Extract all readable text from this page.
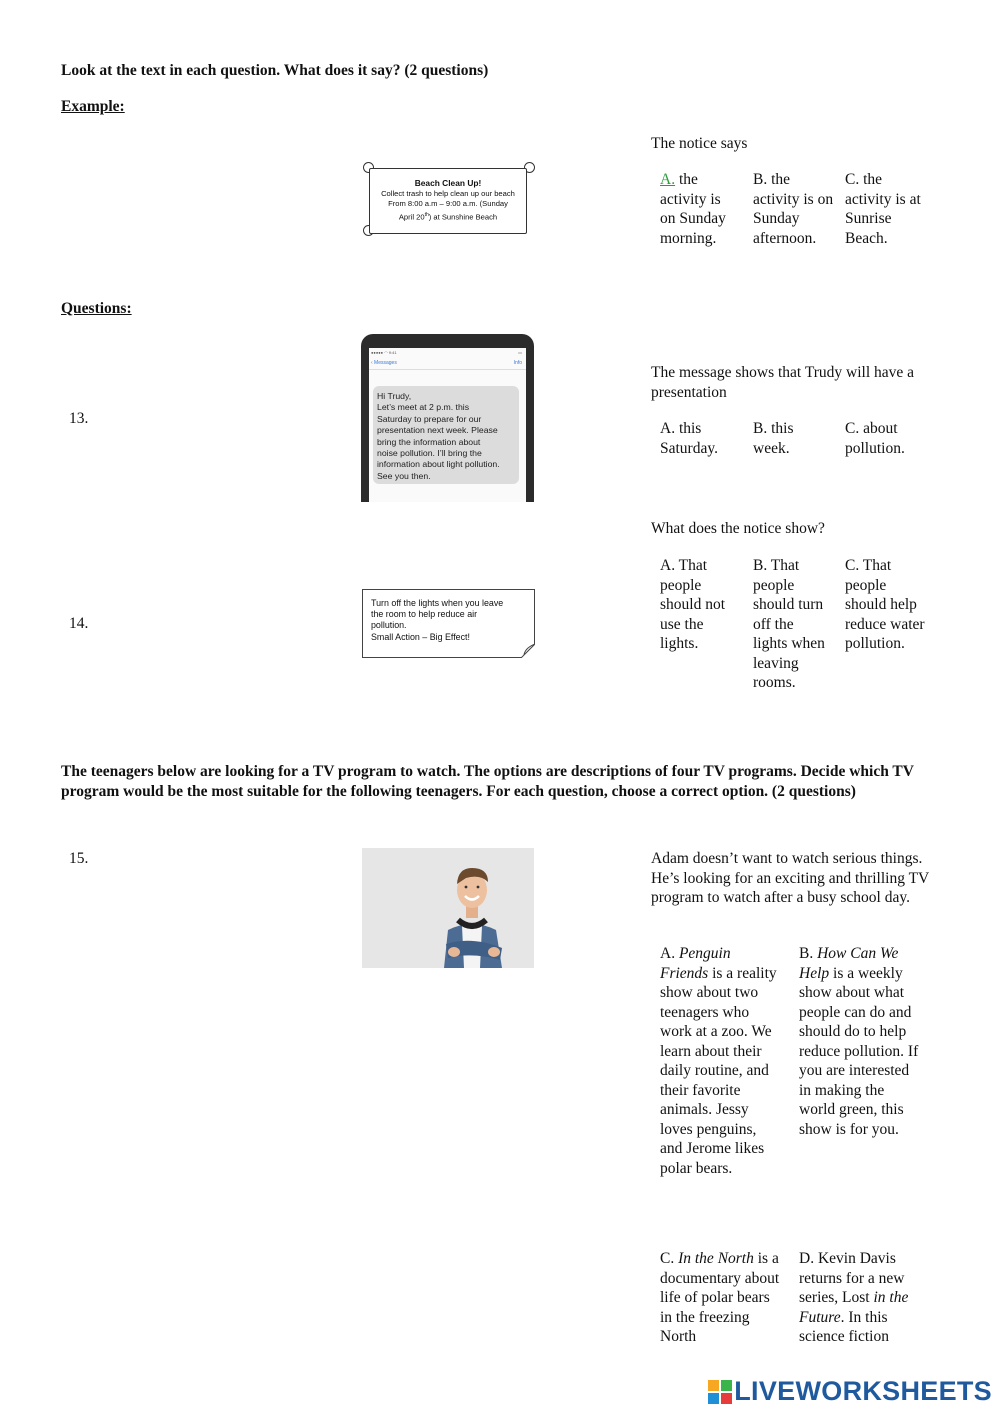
Look at the text in each question. What does it say? (2 questions)
Example:
Beach Clean Up!
Collect trash to help clean up our beach
From 8:00 a.m – 9:00 a.m. (Sunday
April 20th) at Sunshine Beach
The notice says
A. the activity is on Sunday morning.
B. the activity is on Sunday afternoon.
C. the activity is at Sunrise Beach.
Questions:
13.
●●●●● ◠ 9:41	▭
‹ Messages	Info
Hi Trudy,
Let’s meet at 2 p.m. this
Saturday to prepare for our
presentation next week. Please
bring the information about
noise pollution. I’ll bring the
information about light pollution.
See you then.
The message shows that Trudy will have a presentation
A. this Saturday.
B. this week.
C. about pollution.
What does the notice show?
14.
Turn off the lights when you leave
the room to help reduce air
pollution.
Small Action – Big Effect!
A. That people should not use the lights.
B. That people should turn off the lights when leaving rooms.
C. That people should help reduce water pollution.
The teenagers below are looking for a TV program to watch. The options are descriptions of four TV programs. Decide which TV program would be the most suitable for the following teenagers. For each question, choose a correct option. (2 questions)
15.	Adam doesn’t want to watch serious things. He’s looking for an exciting and thrilling TV program to watch after a busy school day.
A. Penguin Friends is a reality show about two teenagers who work at a zoo. We learn about their daily routine, and their favorite animals. Jessy loves penguins, and Jerome likes polar bears.
B. How Can We Help is a weekly show about what people can do and should do to help reduce pollution. If you are interested in making the world green, this show is for you.
C. In the North is a documentary about life of polar bears in the freezing North
D. Kevin Davis returns for a new series, Lost in the Future. In this science fiction
LIVEWORKSHEETS
